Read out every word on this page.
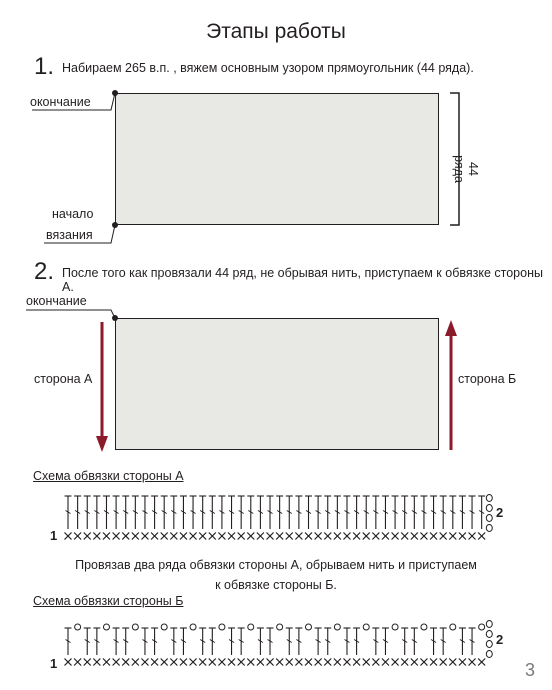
Этапы работы
1. Набираем 265 в.п. , вяжем основным узором прямоугольник (44 ряда).
окончание
начало
вязания
44 ряда
2. После того как провязали 44 ряд, не обрывая нить, приступаем к обвязке стороны А.
окончание
сторона А	сторона Б
Схема обвязки стороны А
1
2
Провязав два ряда обвязки стороны А, обрываем нить и приступаем
к обвязке стороны Б.
Схема обвязки стороны Б
1
2
3
